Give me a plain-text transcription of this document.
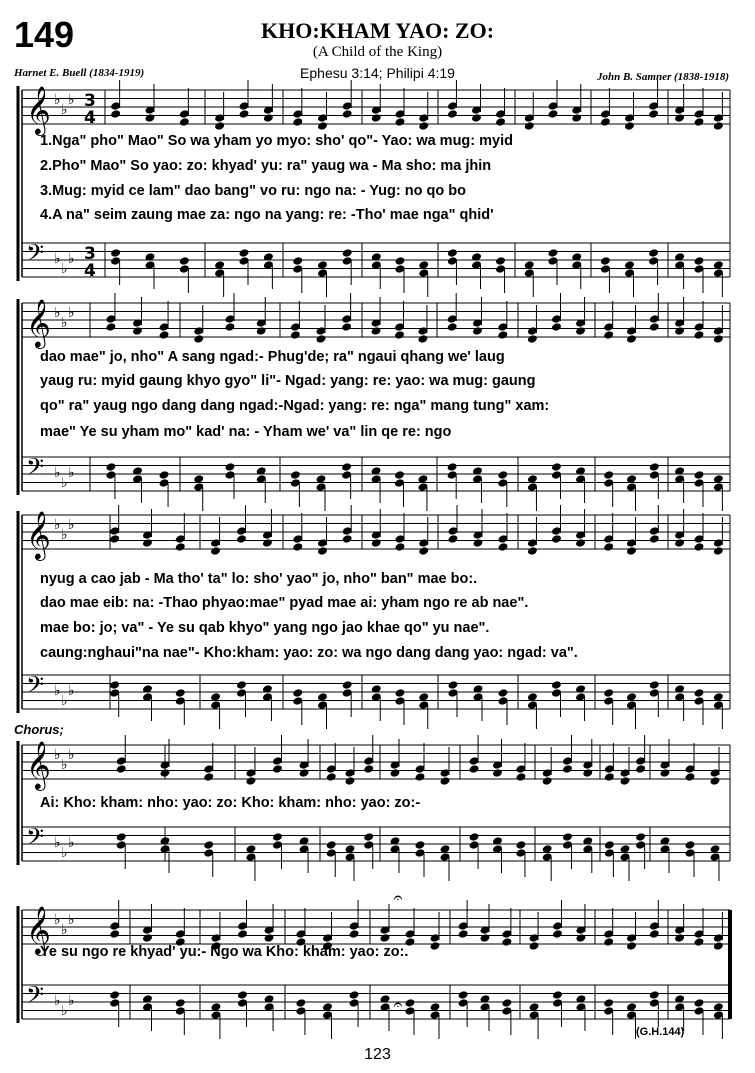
149	KHO:KHAM YAO: ZO:
(A Child of the King)
Ephesu 3:14; Philipi 4:19
Harnet E. Buell (1834-1919)	John B. Samner (1838-1918)
𝄞 ♭
♭
♭
𝄢 ♭
♭
♭
𝄞 ♭
♭
♭
𝄢 ♭
♭
♭
𝄞 ♭
♭
♭
𝄢 ♭
♭
♭
𝄞 ♭
♭
♭
𝄢 ♭
♭
♭
𝄞 ♭
♭
♭
𝄢 ♭
♭
♭
3
4
3
4
𝄐
𝄐
1.Nga" pho" Mao" So wa yham yo myo: sho' qo"- Yao: wa mug: myid
2.Pho" Mao" So yao: zo: khyad' yu: ra" yaug wa - Ma sho: ma jhin
3.Mug: myid ce lam" dao bang" vo ru: ngo na: - Yug: no qo bo
4.A na" seim zaung mae za: ngo na yang: re: -Tho' mae nga" qhid'
dao mae" jo, nho" A sang ngad:- Phug'de; ra" ngaui qhang we' laug
yaug ru: myid gaung khyo gyo" li"- Ngad: yang: re: yao: wa mug: gaung
qo" ra" yaug ngo dang dang ngad:-Ngad: yang: re: nga" mang tung" xam:
mae" Ye su yham mo" kad' na: - Yham we' va" lin qe re: ngo
nyug a cao jab - Ma tho' ta" lo: sho' yao" jo, nho" ban" mae bo:.
dao mae eib: na: -Thao phyao:mae" pyad mae ai: yham ngo re ab nae".
mae bo: jo; va" - Ye su qab khyo" yang ngo jao khae qo" yu nae".
caung:nghaui"na nae"- Kho:kham: yao: zo: wa ngo dang dang yao: ngad: va".
Chorus;
Ai: Kho: kham: nho: yao: zo: Kho: kham: nho: yao: zo:-
Ye su ngo re khyad' yu:- Ngo wa Kho: kham: yao: zo:.
(G.H.144)
123
